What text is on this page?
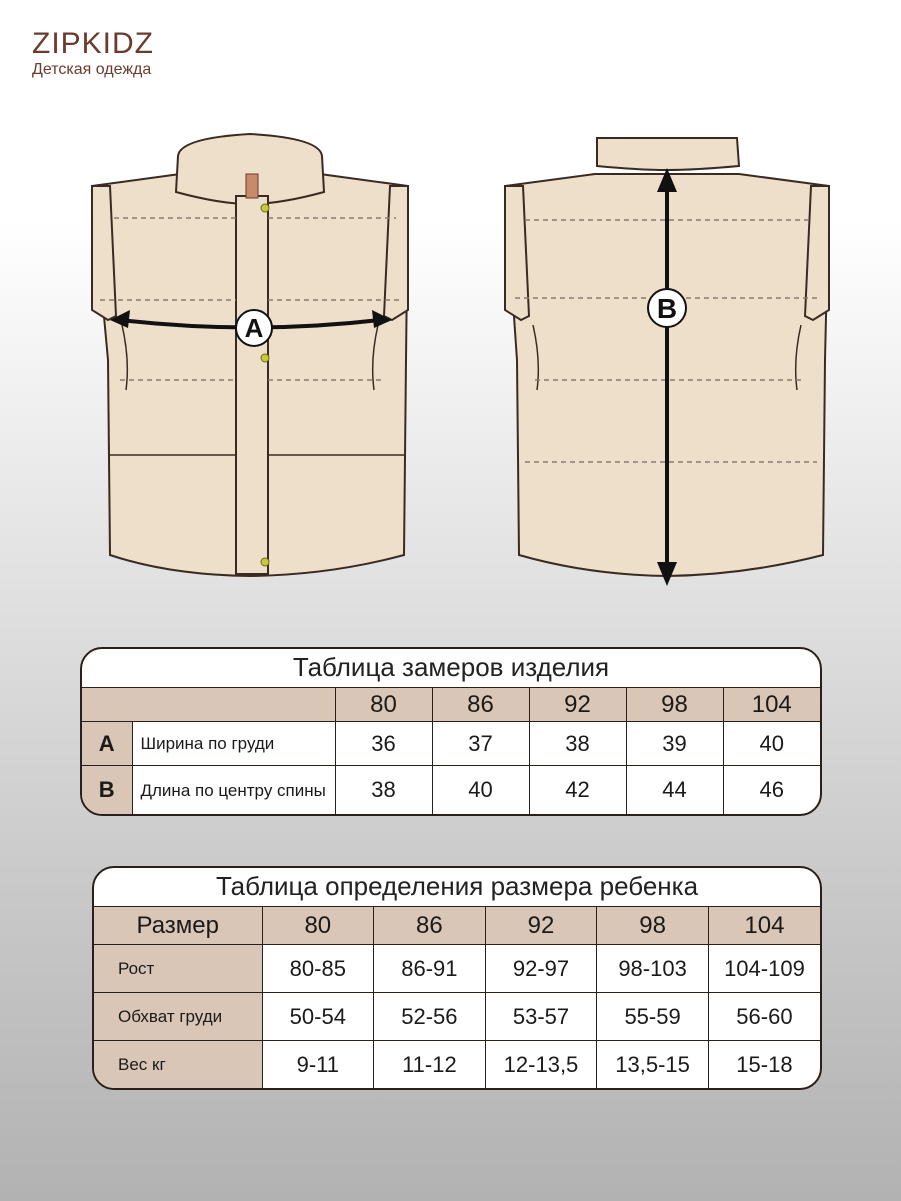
ZIPKIDZ
Детская одежда
A
B
Таблица замеров изделия
		80	86	92	98	104
A	Ширина по груди	36	37	38	39	40
B	Длина по центру спины	38	40	42	44	46
Таблица определения размера ребенка
Размер	80	86	92	98	104
Рост	80-85	86-91	92-97	98-103	104-109
Обхват груди	50-54	52-56	53-57	55-59	56-60
Вес кг	9-11	11-12	12-13,5	13,5-15	15-18
